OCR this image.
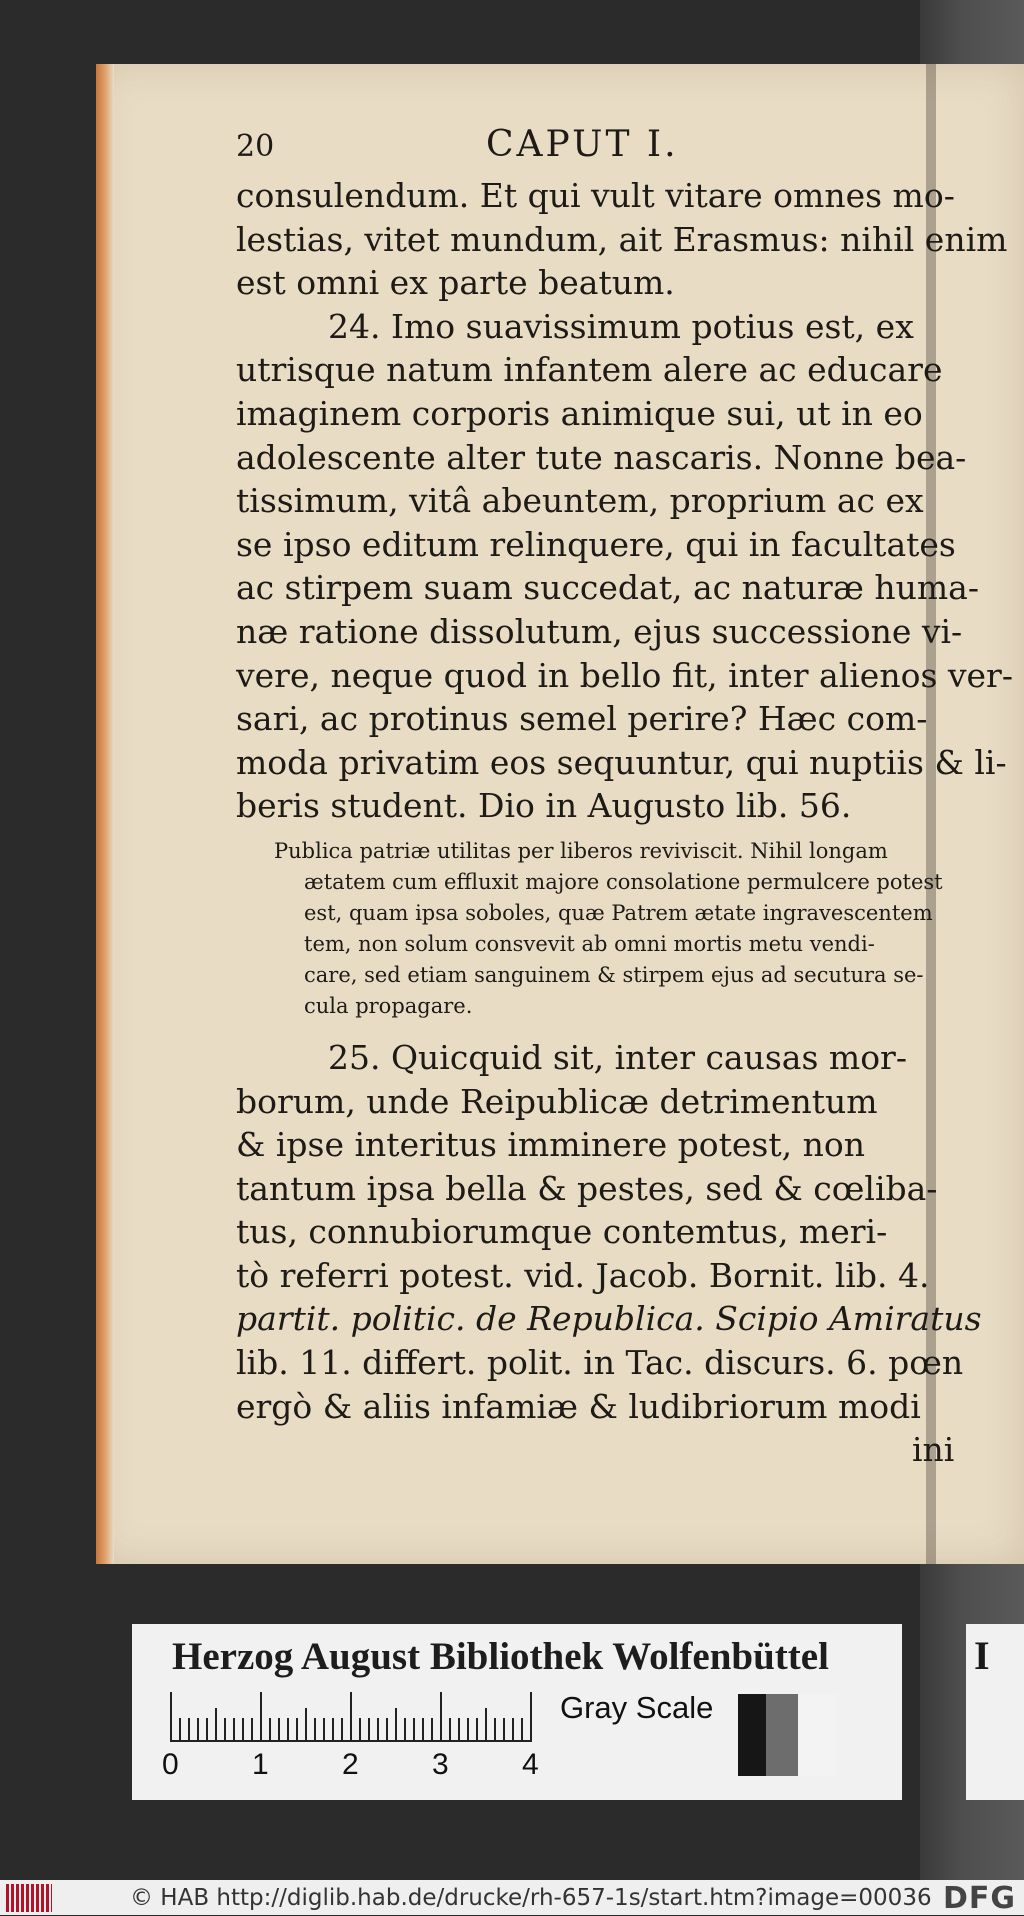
20	CAPUT I.
consulendum. Et qui vult vitare omnes mo-
lestias, vitet mundum, ait Erasmus: nihil enim
est omni ex parte beatum.
24. Imo suavissimum potius est, ex
utrisque natum infantem alere ac educare
imaginem corporis animique sui, ut in eo
adolescente alter tute nascaris. Nonne bea-
tissimum, vitâ abeuntem, proprium ac ex
se ipso editum relinquere, qui in facultates
ac stirpem suam succedat, ac naturæ huma-
næ ratione dissolutum, ejus successione vi-
vere, neque quod in bello fit, inter alienos ver-
sari, ac protinus semel perire? Hæc com-
moda privatim eos sequuntur, qui nuptiis & li-
beris student. Dio in Augusto lib. 56.
Publica patriæ utilitas per liberos reviviscit. Nihil longam
ætatem cum effluxit majore consolatione permulcere potest
est, quam ipsa soboles, quæ Patrem ætate ingravescentem
tem, non solum consvevit ab omni mortis metu vendi-
care, sed etiam sanguinem & stirpem ejus ad secutura se-
cula propagare.
25. Quicquid sit, inter causas mor-
borum, unde Reipublicæ detrimentum
& ipse interitus imminere potest, non
tantum ipsa bella & pestes, sed & cœliba-
tus, connubiorumque contemtus, meri-
tò referri potest. vid. Jacob. Bornit. lib. 4.
partit. politic. de Republica. Scipio Amiratus
lib. 11. differt. polit. in Tac. discurs. 6. pœn
ergò & aliis infamiæ & ludibriorum modi
ini
Herzog August Bibliothek Wolfenbüttel
0 1 2 3 4
Gray Scale
I
© HAB http://diglib.hab.de/drucke/rh-657-1s/start.htm?image=00036 DFG
